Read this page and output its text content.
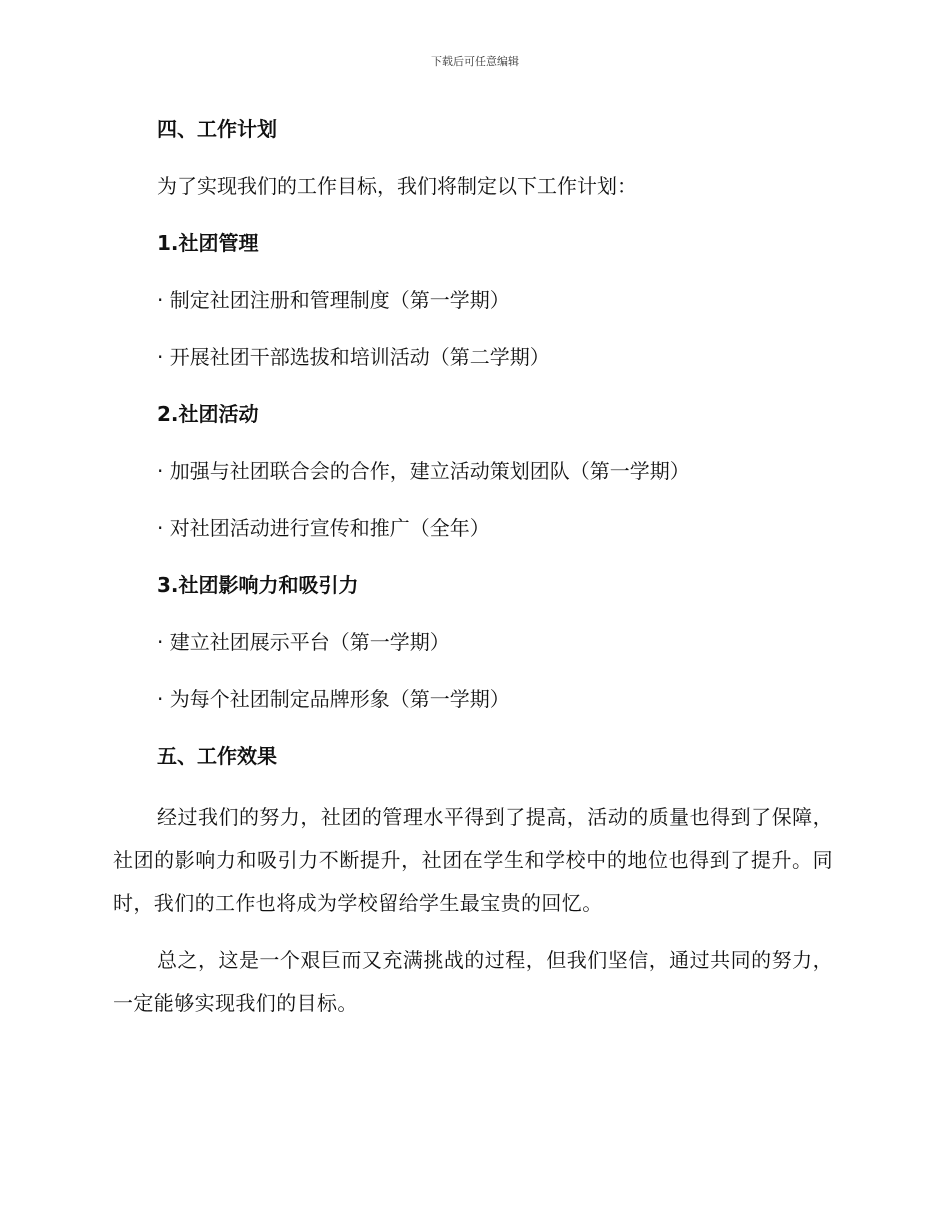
下载后可任意编辑
四、工作计划
为了实现我们的工作目标，我们将制定以下工作计划：
1.社团管理
· 制定社团注册和管理制度（第一学期）
· 开展社团干部选拔和培训活动（第二学期）
2.社团活动
· 加强与社团联合会的合作，建立活动策划团队（第一学期）
· 对社团活动进行宣传和推广（全年）
3.社团影响力和吸引力
· 建立社团展示平台（第一学期）
· 为每个社团制定品牌形象（第一学期）
五、工作效果

经过我们的努力，社团的管理水平得到了提高，活动的质量也得到了保障，社团的影响力和吸引力不断提升，社团在学生和学校中的地位也得到了提升。同时，我们的工作也将成为学校留给学生最宝贵的回忆。

总之，这是一个艰巨而又充满挑战的过程，但我们坚信，通过共同的努力，一定能够实现我们的目标。
